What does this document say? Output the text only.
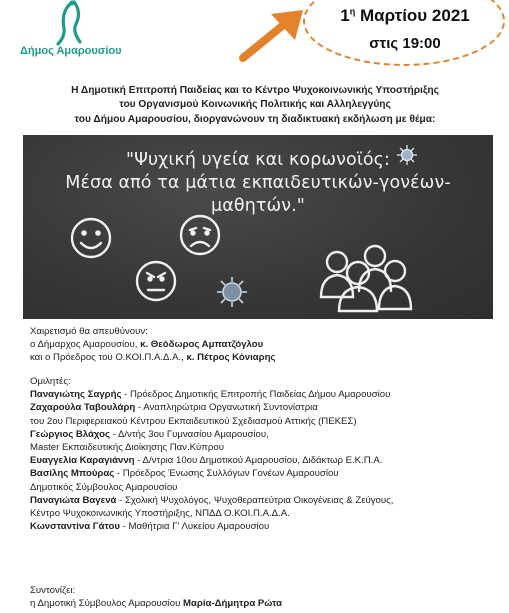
Δήμος Αμαρουσίου
$1^\eta$ Μαρτίου 2021
στις 19:00
Η Δημοτική Επιτροπή Παιδείας και το Κέντρο Ψυχοκοινωνικής Υποστήριξης
του Οργανισμού Κοινωνικής Πολιτικής και Αλληλεγγύης
του Δήμου Αμαρουσίου, διοργανώνουν τη διαδικτυακή εκδήλωση με θέμα:
"Ψυχική υγεία και κορωνοϊός:
Μέσα από τα μάτια εκπαιδευτικών-γονέων-μαθητών."
Χαιρετισμό θα απευθύνουν:
ο Δήμαρχος Αμαρουσίου, κ. Θεόδωρος Αμπατζόγλου
και ο Πρόεδρος του Ο.ΚΟΙ.Π.Α.Δ.Α., κ. Πέτρος Κόνιαρης
Ομιλητές:
Παναγιώτης Σαγρής - Πρόεδρος Δημοτικής Επιτροπής Παιδείας Δήμου Αμαρουσίου
Ζαχαρούλα Ταβουλάρη - Αναπληρώτρια Οργανωτική Συντονίστρια
του 2ου Περιφερειακού Κέντρου Εκπαιδευτικού Σχεδιασμού Αττικής (ΠΕΚΕΣ)
Γεώργιος Βλάχος - Δ/ντής 3ου Γυμνασίου Αμαρουσίου,
Master Εκπαιδευτικής Διοίκησης Παν.Κύπρου
Ευαγγελία Καραγιάννη - Δ/ντρια 10ου Δημοτικού Αμαρουσίου, Διδάκτωρ Ε.Κ.Π.Α.
Βασίλης Μπούρας - Πρόεδρος Ένωσης Συλλόγων Γονέων Αμαρουσίου
Δημοτικός Σύμβουλος Αμαρουσίου
Παναγιώτα Βαγενά - Σχολική Ψυχολόγος, Ψυχοθεραπεύτρια Οικογένειας & Ζεύγους,
Κέντρο Ψυχοκοινωνικής Υποστήριξης, ΝΠΔΔ Ο.ΚΟΙ.Π.Α.Δ.Α.
Κωνσταντίνα Γάτου - Μαθήτρια Γ' Λυκείου Αμαρουσίου
Συντονίζει:
η Δημοτική Σύμβουλος Αμαρουσίου Μαρία-Δήμητρα Ρώτα
